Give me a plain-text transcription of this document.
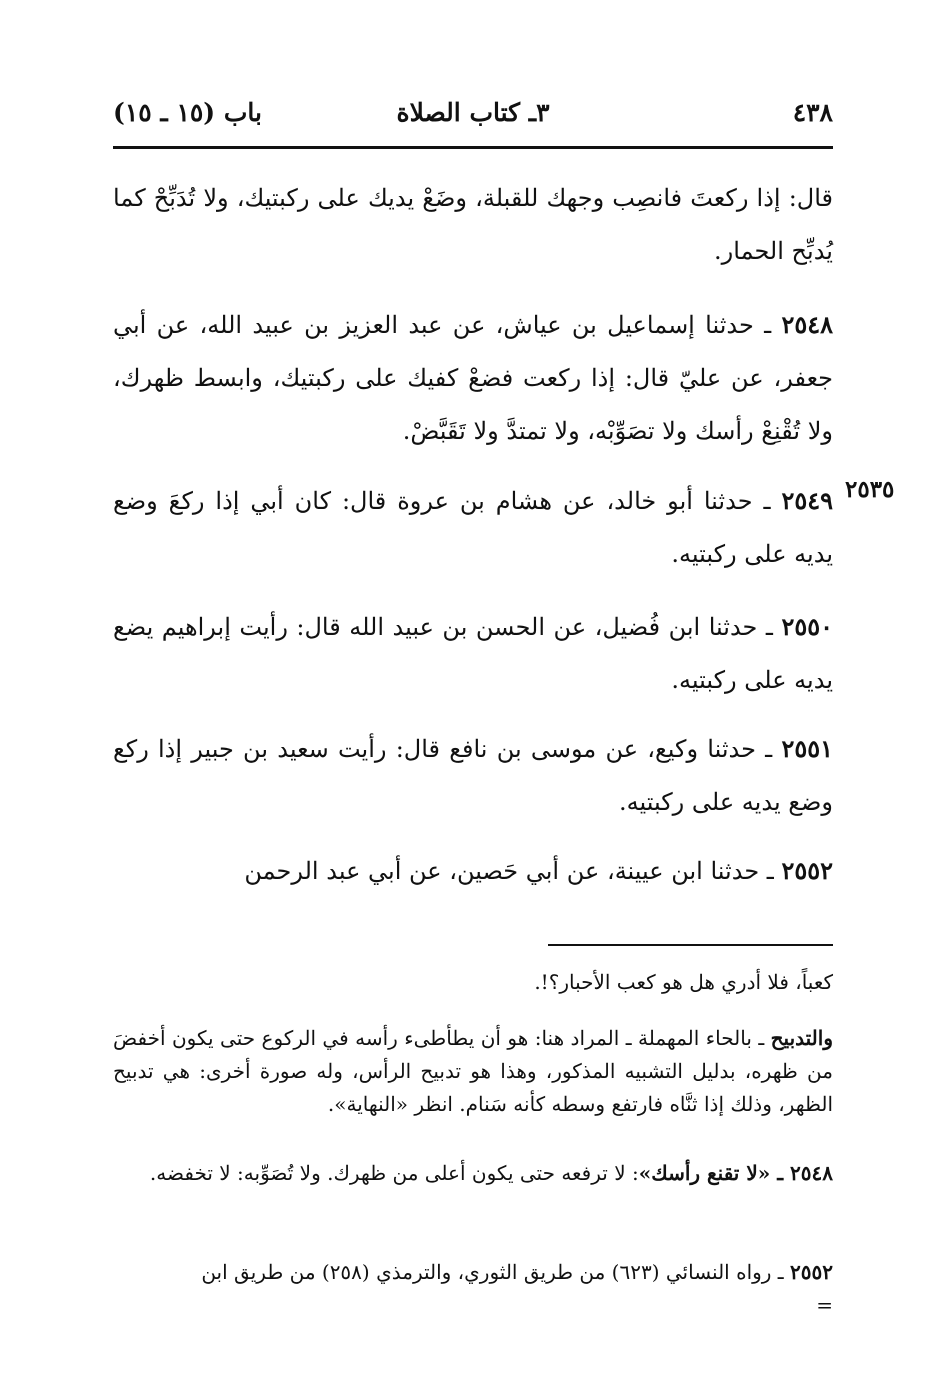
٤٣٨
٣ـ كتاب الصلاة
باب (١٥ ـ ١٥)
قال: إذا ركعتَ فانصِب وجهك للقبلة، وضَعْ يديك على ركبتيك، ولا تُدَبِّحْ كما يُدبِّح الحمار.
٢٥٤٨ ـ حدثنا إسماعيل بن عياش، عن عبد العزيز بن عبيد الله، عن أبي جعفر، عن عليّ قال: إذا ركعت فضعْ كفيك على ركبتيك، وابسط ظهرك، ولا تُقْنِعْ رأسك ولا تصَوِّبْه، ولا تمتدَّ ولا تَقَبَّضْ.
٢٥٣٥
٢٥٤٩ ـ حدثنا أبو خالد، عن هشام بن عروة قال: كان أبي إذا ركعَ وضع يديه على ركبتيه.
٢٥٥٠ ـ حدثنا ابن فُضيل، عن الحسن بن عبيد الله قال: رأيت إبراهيم يضع يديه على ركبتيه.
٢٥٥١ ـ حدثنا وكيع، عن موسى بن نافع قال: رأيت سعيد بن جبير إذا ركع وضع يديه على ركبتيه.
٢٥٥٢ ـ حدثنا ابن عيينة، عن أبي حَصين، عن أبي عبد الرحمن
كعباً، فلا أدري هل هو كعب الأحبار؟!.
والتدبيح ـ بالحاء المهملة ـ المراد هنا: هو أن يطأطىء رأسه في الركوع حتى يكون أخفضَ من ظهره، بدليل التشبيه المذكور، وهذا هو تدبيح الرأس، وله صورة أخرى: هي تدبيح الظهر، وذلك إذا ثنَّاه فارتفع وسطه كأنه سَنام. انظر «النهاية».
٢٥٤٨ ـ «لا تقنع رأسك»: لا ترفعه حتى يكون أعلى من ظهرك. ولا تُصَوِّبه: لا تخفضه.
٢٥٥٢ ـ رواه النسائي (٦٢٣) من طريق الثوري، والترمذي (٢٥٨) من طريق ابن
=
